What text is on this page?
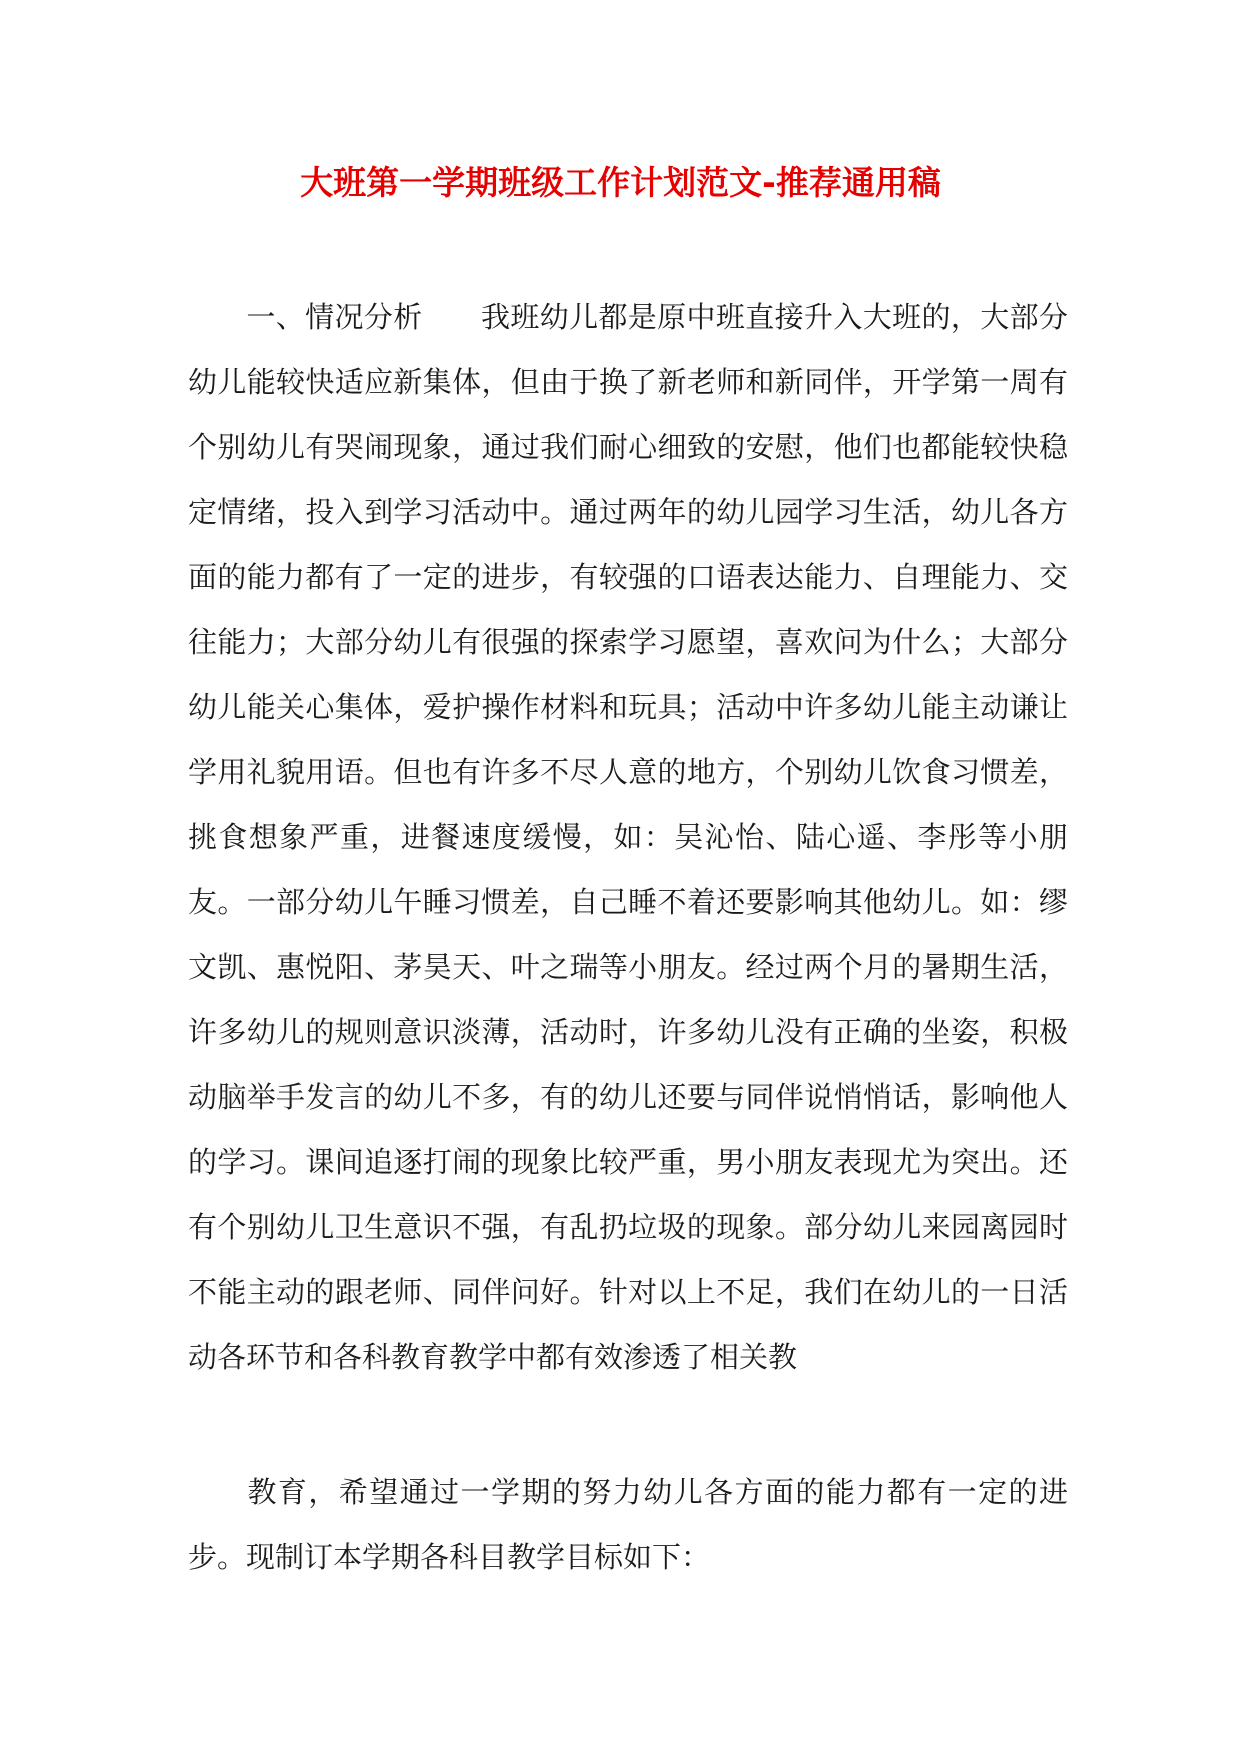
大班第一学期班级工作计划范文-推荐通用稿

一、情况分析 我班幼儿都是原中班直接升入大班的，大部分幼儿能较快适应新集体，但由于换了新老师和新同伴，开学第一周有个别幼儿有哭闹现象，通过我们耐心细致的安慰，他们也都能较快稳定情绪，投入到学习活动中。通过两年的幼儿园学习生活，幼儿各方面的能力都有了一定的进步，有较强的口语表达能力、自理能力、交往能力；大部分幼儿有很强的探索学习愿望，喜欢问为什么；大部分幼儿能关心集体，爱护操作材料和玩具；活动中许多幼儿能主动谦让学用礼貌用语。但也有许多不尽人意的地方，个别幼儿饮食习惯差，挑食想象严重，进餐速度缓慢，如：吴沁怡、陆心遥、李彤等小朋友。一部分幼儿午睡习惯差，自己睡不着还要影响其他幼儿。如：缪文凯、惠悦阳、茅昊天、叶之瑞等小朋友。经过两个月的暑期生活，许多幼儿的规则意识淡薄，活动时，许多幼儿没有正确的坐姿，积极动脑举手发言的幼儿不多，有的幼儿还要与同伴说悄悄话，影响他人的学习。课间追逐打闹的现象比较严重，男小朋友表现尤为突出。还有个别幼儿卫生意识不强，有乱扔垃圾的现象。部分幼儿来园离园时不能主动的跟老师、同伴问好。针对以上不足，我们在幼儿的一日活动各环节和各科教育教学中都有效渗透了相关教

教育，希望通过一学期的努力幼儿各方面的能力都有一定的进步。现制订本学期各科目教学目标如下：
